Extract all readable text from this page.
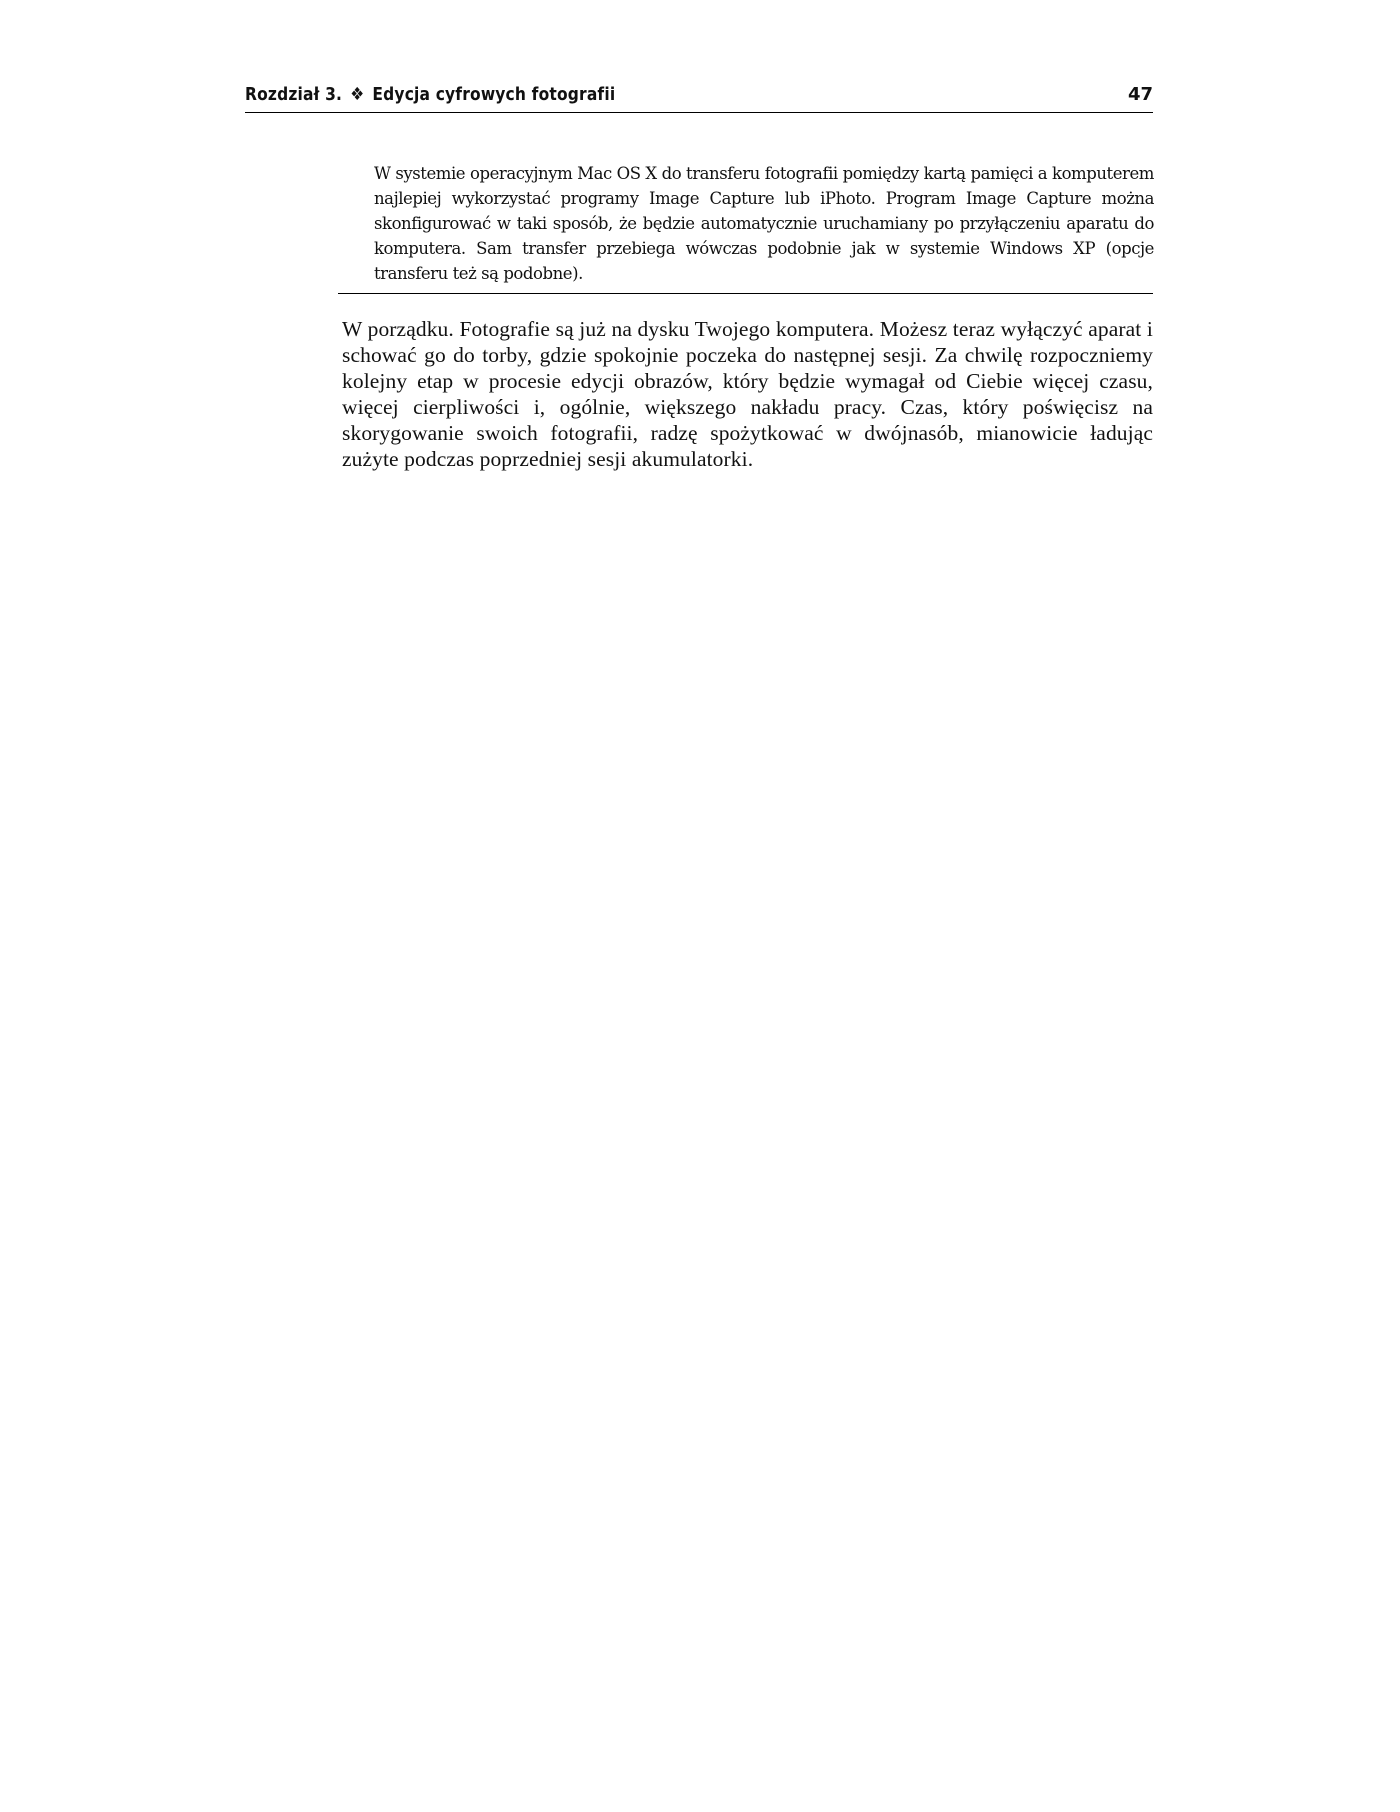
Rozdział 3. ❖ Edycja cyfrowych fotografii	47

W systemie operacyjnym Mac OS X do transferu fotografii pomiędzy kartą pamięci a komputerem najlepiej wykorzystać programy Image Capture lub iPhoto. Program Image Capture można skonfigurować w taki sposób, że będzie automatycznie uruchamiany po przyłączeniu aparatu do komputera. Sam transfer przebiega wówczas podobnie jak w systemie Windows XP (opcje transferu też są podobne).

W porządku. Fotografie są już na dysku Twojego komputera. Możesz teraz wyłączyć aparat i schować go do torby, gdzie spokojnie poczeka do następnej sesji. Za chwilę rozpoczniemy kolejny etap w procesie edycji obrazów, który będzie wymagał od Ciebie więcej czasu, więcej cierpliwości i, ogólnie, większego nakładu pracy. Czas, który poświęcisz na skorygowanie swoich fotografii, radzę spożytkować w dwójnasób, mianowicie ładując zużyte podczas poprzedniej sesji akumulatorki.
